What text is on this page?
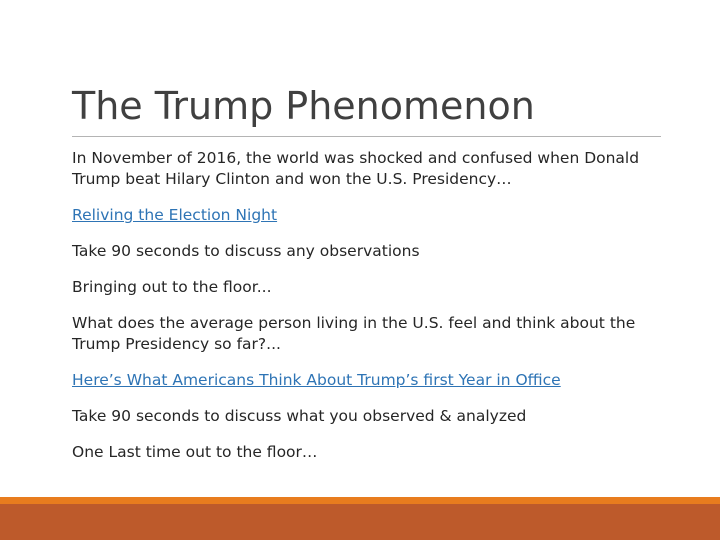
The Trump Phenomenon
In November of 2016, the world was shocked and confused when Donald Trump beat Hilary Clinton and won the U.S. Presidency…
Reliving the Election Night
Take 90 seconds to discuss any observations
Bringing out to the floor...
What does the average person living in the U.S. feel and think about the Trump Presidency so far?...
Here’s What Americans Think About Trump’s first Year in Office
Take 90 seconds to discuss what you observed & analyzed
One Last time out to the floor…
